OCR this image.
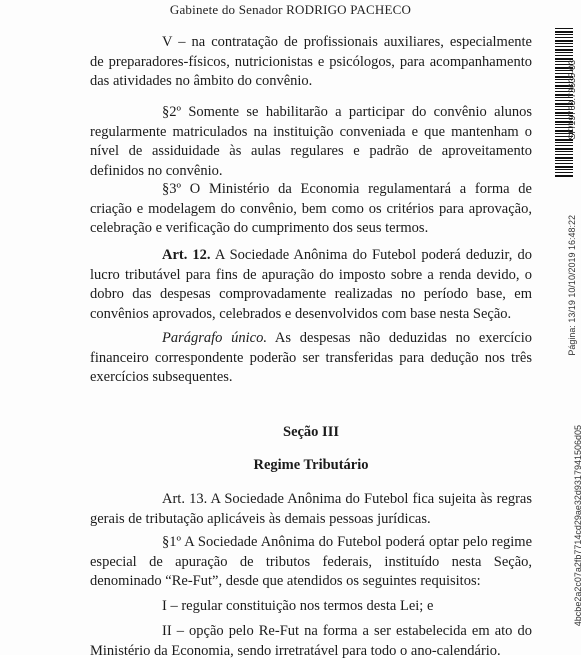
Gabinete do Senador RODRIGO PACHECO
SF/19763.73635-03
Página: 13/19 10/10/2019 16:48:22
4bcbe2a2c07a2fb7714cd29ae32d9317941506d05

V – na contratação de profissionais auxiliares, especialmente de preparadores-físicos, nutricionistas e psicólogos, para acompanhamento das atividades no âmbito do convênio.

§2º Somente se habilitarão a participar do convênio alunos regularmente matriculados na instituição conveniada e que mantenham o nível de assiduidade às aulas regulares e padrão de aproveitamento definidos no convênio.

§3º O Ministério da Economia regulamentará a forma de criação e modelagem do convênio, bem como os critérios para aprovação, celebração e verificação do cumprimento dos seus termos.

Art. 12. A Sociedade Anônima do Futebol poderá deduzir, do lucro tributável para fins de apuração do imposto sobre a renda devido, o dobro das despesas comprovadamente realizadas no período base, em convênios aprovados, celebrados e desenvolvidos com base nesta Seção.

Parágrafo único. As despesas não deduzidas no exercício financeiro correspondente poderão ser transferidas para dedução nos três exercícios subsequentes.

Seção III
Regime Tributário

Art. 13. A Sociedade Anônima do Futebol fica sujeita às regras gerais de tributação aplicáveis às demais pessoas jurídicas.

§1º A Sociedade Anônima do Futebol poderá optar pelo regime especial de apuração de tributos federais, instituído nesta Seção, denominado “Re-Fut”, desde que atendidos os seguintes requisitos:

I – regular constituição nos termos desta Lei; e

II – opção pelo Re-Fut na forma a ser estabelecida em ato do Ministério da Economia, sendo irretratável para todo o ano-calendário.
